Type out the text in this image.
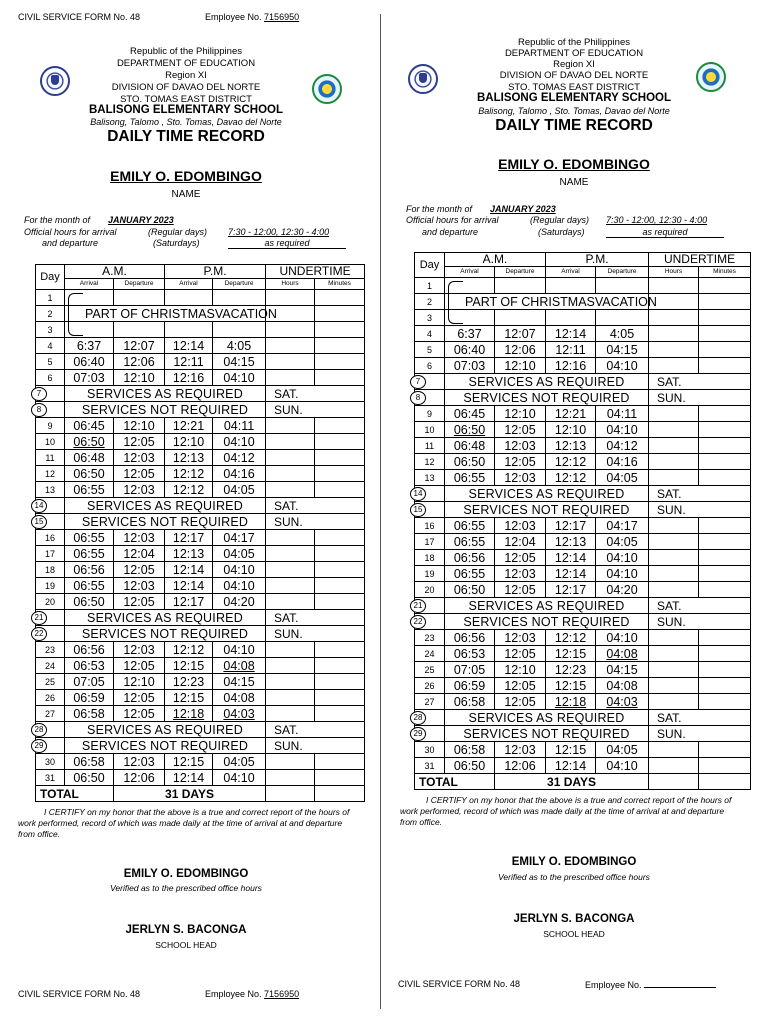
CIVIL SERVICE FORM No. 48	Employee No. 7156950
Republic of the Philippines
DEPARTMENT OF EDUCATION
Region XI
DIVISION OF DAVAO DEL NORTE
STO. TOMAS EAST DISTRICT
BALISONG ELEMENTARY SCHOOL
Balisong, Talomo , Sto. Tomas, Davao del Norte
DAILY TIME RECORD
EMILY O. EDOMBINGO
NAME
For the month of JANUARY 2023
Official hours for arrival	(Regular days) 7:30 - 12:00, 12:30 - 4:00
and departure	(Saturdays)	as required
Day	A.M.		P.M.		UNDERTIME	
	Arrival	Departure	Arrival	Departure	Hours	Minutes
1						
2	PART OF CHRISTMASVACATION					
3						
4	6:37	12:07	12:14	4:05		
5	06:40	12:06	12:11	04:15		
6	07:03	12:10	12:16	04:10		

7	SERVICES AS REQUIRED				SAT.	

8	SERVICES NOT REQUIRED				SUN.	
9	06:45	12:10	12:21	04:11		
10	06:50	12:05	12:10	04:10		
11	06:48	12:03	12:13	04:12		
12	06:50	12:05	12:12	04:16		
13	06:55	12:03	12:12	04:05		

14	SERVICES AS REQUIRED				SAT.	

15	SERVICES NOT REQUIRED				SUN.	
16	06:55	12:03	12:17	04:17		
17	06:55	12:04	12:13	04:05		
18	06:56	12:05	12:14	04:10		
19	06:55	12:03	12:14	04:10		
20	06:50	12:05	12:17	04:20		

21	SERVICES AS REQUIRED				SAT.	

22	SERVICES NOT REQUIRED				SUN.	
23	06:56	12:03	12:12	04:10		
24	06:53	12:05	12:15	04:08		
25	07:05	12:10	12:23	04:15		
26	06:59	12:05	12:15	04:08		
27	06:58	12:05	12:18	04:03		

28	SERVICES AS REQUIRED				SAT.	

29	SERVICES NOT REQUIRED				SUN.	
30	06:58	12:03	12:15	04:05		
31	06:50	12:06	12:14	04:10		
TOTAL		31 DAYS				
I CERTIFY on my honor that the above is a true and correct report of the hours of work performed, record of which was made daily at the time of arrival at and departure from office.
EMILY O. EDOMBINGO
Verified as to the prescribed office hours
JERLYN S. BACONGA
SCHOOL HEAD
CIVIL SERVICE FORM No. 48	Employee No. 7156950
Republic of the Philippines
DEPARTMENT OF EDUCATION
Region XI
DIVISION OF DAVAO DEL NORTE
STO. TOMAS EAST DISTRICT
BALISONG ELEMENTARY SCHOOL
Balisong, Talomo , Sto. Tomas, Davao del Norte
DAILY TIME RECORD
EMILY O. EDOMBINGO
NAME
For the month of JANUARY 2023
Official hours for arrival	(Regular days) 7:30 - 12:00, 12:30 - 4:00
and departure	(Saturdays)	as required
Day	A.M.		P.M.		UNDERTIME	
	Arrival	Departure	Arrival	Departure	Hours	Minutes
1						
2	PART OF CHRISTMASVACATION					
3						
4	6:37	12:07	12:14	4:05		
5	06:40	12:06	12:11	04:15		
6	07:03	12:10	12:16	04:10		

7	SERVICES AS REQUIRED				SAT.	

8	SERVICES NOT REQUIRED				SUN.	
9	06:45	12:10	12:21	04:11		
10	06:50	12:05	12:10	04:10		
11	06:48	12:03	12:13	04:12		
12	06:50	12:05	12:12	04:16		
13	06:55	12:03	12:12	04:05		

14	SERVICES AS REQUIRED				SAT.	

15	SERVICES NOT REQUIRED				SUN.	
16	06:55	12:03	12:17	04:17		
17	06:55	12:04	12:13	04:05		
18	06:56	12:05	12:14	04:10		
19	06:55	12:03	12:14	04:10		
20	06:50	12:05	12:17	04:20		

21	SERVICES AS REQUIRED				SAT.	

22	SERVICES NOT REQUIRED				SUN.	
23	06:56	12:03	12:12	04:10		
24	06:53	12:05	12:15	04:08		
25	07:05	12:10	12:23	04:15		
26	06:59	12:05	12:15	04:08		
27	06:58	12:05	12:18	04:03		

28	SERVICES AS REQUIRED				SAT.	

29	SERVICES NOT REQUIRED				SUN.	
30	06:58	12:03	12:15	04:05		
31	06:50	12:06	12:14	04:10		
TOTAL		31 DAYS				
I CERTIFY on my honor that the above is a true and correct report of the hours of work performed, record of which was made daily at the time of arrival at and departure from office.
EMILY O. EDOMBINGO
Verified as to the prescribed office hours
JERLYN S. BACONGA
SCHOOL HEAD
CIVIL SERVICE FORM No. 48	Employee No.
